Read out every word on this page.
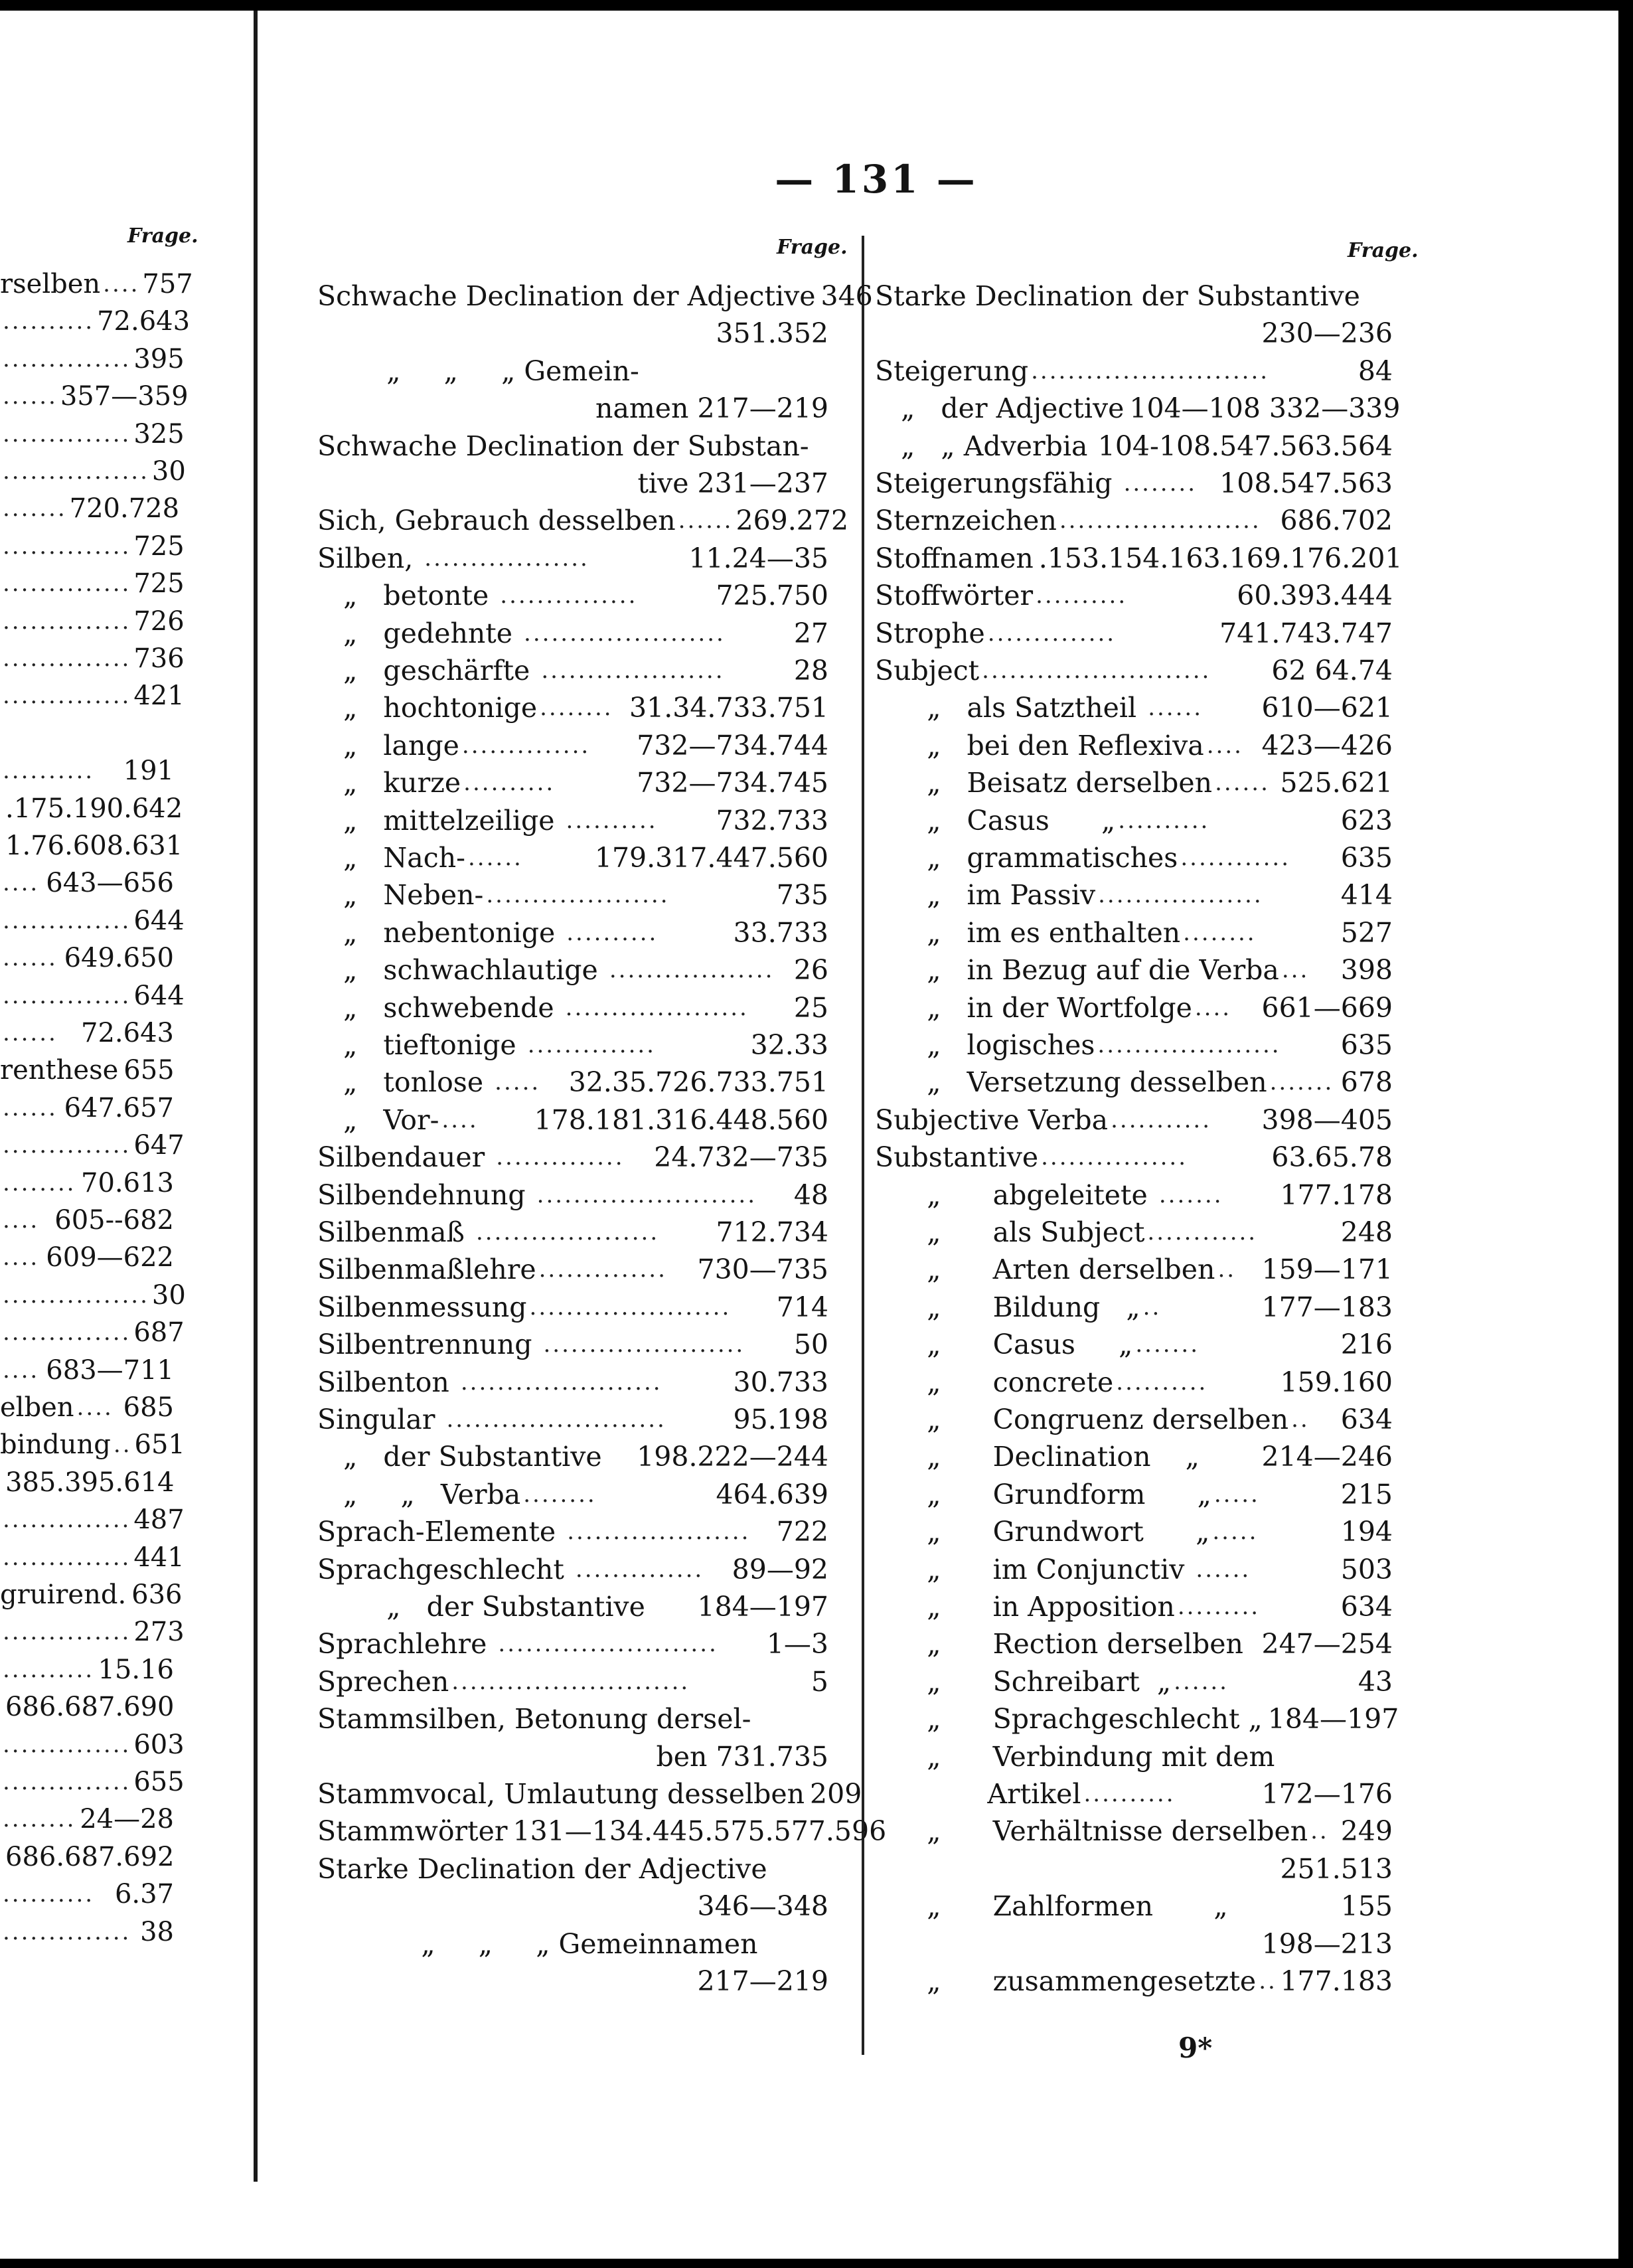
— 131 —
Frage.	Frage.	Frage.
rselben .... 757
.......... 72.643
.............. 395
...... 357—359
.............. 325
................ 30
....... 720.728
.............. 725
.............. 725
.............. 726
.............. 736
.............. 421
..........	191
.175.190.642
1.76.608.631
.... 643—656
.............. 644
...... 649.650
.............. 644
...... 72.643
renthese 655
...... 647.657
.............. 647
........ 70.613
.... 605--682
.... 609—622
................ 30
.............. 687
.... 683—711
elben .... 685
bindung .. 651
385.395.614
.............. 487
.............. 441
gruirend. 636
.............. 273
.......... 15.16
686.687.690
.............. 603
.............. 655
........ 24—28
686.687.692
.......... 6.37
.............. 38
Schwache Declination der Adjective 346
351.352
„     „     „ Gemein-
namen 217—219
Schwache Declination der Substan-
tive 231—237
Sich, Gebrauch desselben ...... 269.272
Silben, ..................	11.24—35
„   betonte ...............	725.750
„   gedehnte ......................	27
„   geschärfte ....................	28
„   hochtonige ........ 31.34.733.751
„   lange ..............	732—734.744
„   kurze ..........	732—734.745
„   mittelzeilige ..........	732.733
„   Nach- ......	179.317.447.560
„   Neben- ....................	735
„   nebentonige ..........	33.733
„   schwachlautige .................. 26
„   schwebende ....................	25
„   tieftonige ..............	32.33
„   tonlose .....	32.35.726.733.751
„   Vor- ....	178.181.316.448.560
Silbendauer ..............	24.732—735
Silbendehnung ........................	48
Silbenmaß ....................	712.734
Silbenmaßlehre ..............	730—735
Silbenmessung ......................	714
Silbentrennung ......................	50
Silbenton ......................	30.733
Singular ........................	95.198
„   der Substantive 198.222—244
„     „   Verba ........	464.639
Sprach-Elemente .................... 722
Sprachgeschlecht ..............	89—92
„   der Substantive 184—197
Sprachlehre ........................	1—3
Sprechen ..........................	5
Stammsilben, Betonung dersel-
ben 731.735
Stammvocal, Umlautung desselben 209
Stammwörter 131—134.445.575.577.596
Starke Declination der Adjective
346—348
„     „     „ Gemeinnamen
217—219
Starke Declination der Substantive
230—236
Steigerung ..........................	84
„   der Adjective 104—108 332—339
„   „ Adverbia 104-108.547.563.564
Steigerungsfähig ........ 108.547.563
Sternzeichen ...................... 686.702
Stoffnamen .153.154.163.169.176.201
Stoffwörter ..........	60.393.444
Strophe ..............	741.743.747
Subject .........................	62 64.74
„   als Satztheil ......	610—621
„   bei den Reflexiva .... 423—426
„   Beisatz derselben ...... 525.621
„   Casus      „ ..........	623
„   grammatisches ............	635
„   im Passiv ..................	414
„   im es enthalten ........	527
„   in Bezug auf die Verba ...	398
„   in der Wortfolge ....	661—669
„   logisches ....................	635
„   Versetzung desselben ....... 678
Subjective Verba ...........	398—405
Substantive ................	63.65.78
„      abgeleitete .......	177.178
„      als Subject ............	248
„      Arten derselben .. 159—171
„      Bildung   „ ..	177—183
„      Casus     „ .......	216
„      concrete ..........	159.160
„      Congruenz derselben ..	634
„      Declination    „ 214—246
„      Grundform      „ .....	215
„      Grundwort      „ .....	194
„      im Conjunctiv ......	503
„      in Apposition .........	634
„      Rection derselben 247—254
„      Schreibart  „ ......	43
„      Sprachgeschlecht „ 184—197
„      Verbindung mit dem
Artikel ..........	172—176
„      Verhältnisse derselben .. 249
251.513
„      Zahlformen       „	155
198—213
„      zusammengesetzte .. 177.183
9*
